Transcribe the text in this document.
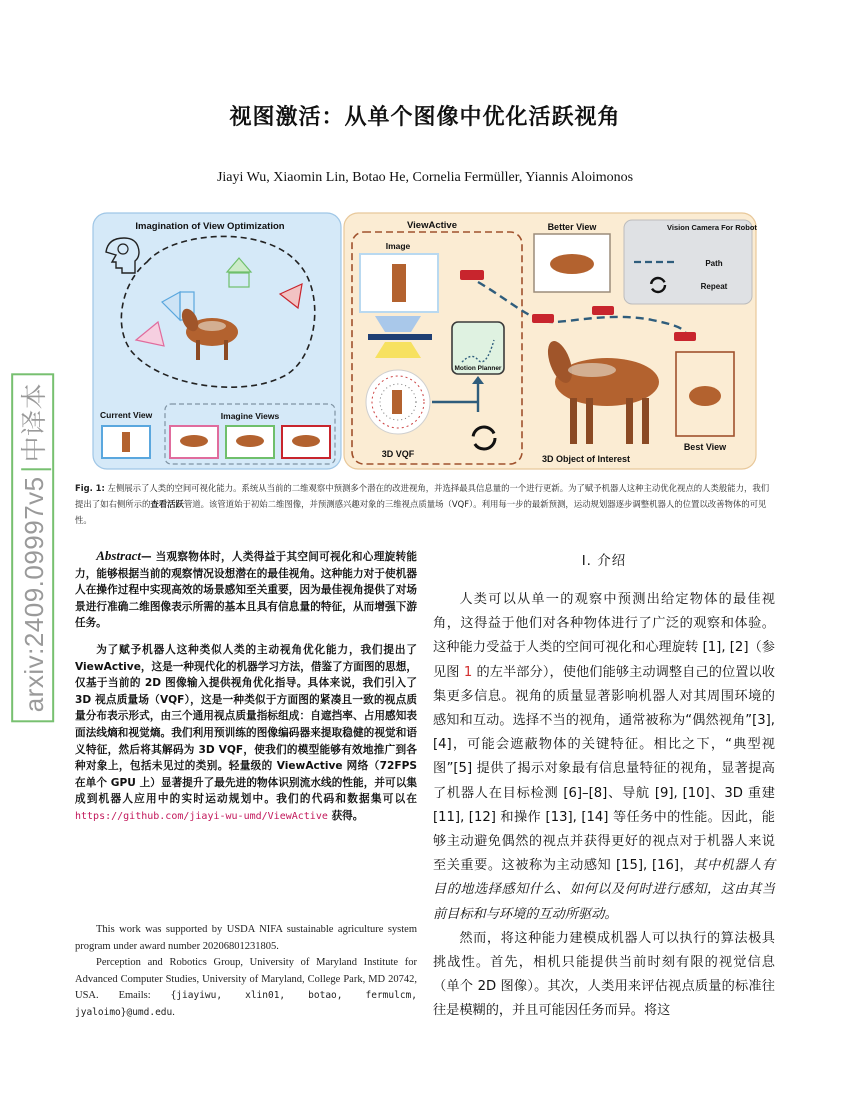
arxiv:2409.09997v5中译本
视图激活：从单个图像中优化活跃视角
Jiayi Wu, Xiaomin Lin, Botao He, Cornelia Fermüller, Yiannis Aloimonos
Imagination of View Optimization
Current View	Imagine Views
ViewActive
Image
3D VQF
Motion Planner
Better View	Vision Camera For Robot
Path
Repeat
3D Object of Interest
Best View
Fig. 1: 左侧展示了人类的空间可视化能力。系统从当前的二维观察中预测多个潜在的改进视角，并选择最具信息量的一个进行更新。为了赋予机器人这种主动优化视点的人类般能力，我们提出了如右侧所示的查看活跃管道。该管道始于初始二维图像，并预测感兴趣对象的三维视点质量场（VQF）。利用每一步的最新预测，运动规划器逐步调整机器人的位置以改善物体的可见性。

Abstract— 当观察物体时，人类得益于其空间可视化和心理旋转能力，能够根据当前的观察情况设想潜在的最佳视角。这种能力对于使机器人在操作过程中实现高效的场景感知至关重要，因为最佳视角提供了对场景进行准确二维图像表示所需的基本且具有信息量的特征，从而增强下游任务。

为了赋予机器人这种类似人类的主动视角优化能力，我们提出了 ViewActive，这是一种现代化的机器学习方法，借鉴了方面图的思想，仅基于当前的 2D 图像输入提供视角优化指导。具体来说，我们引入了 3D 视点质量场（VQF），这是一种类似于方面图的紧凑且一致的视点质量分布表示形式，由三个通用视点质量指标组成：自遮挡率、占用感知表面法线熵和视觉熵。我们利用预训练的图像编码器来提取稳健的视觉和语义特征，然后将其解码为 3D VQF，使我们的模型能够有效地推广到各种对象上，包括未见过的类别。轻量级的 ViewActive 网络（72FPS 在单个 GPU 上）显著提升了最先进的物体识别流水线的性能，并可以集成到机器人应用中的实时运动规划中。我们的代码和数据集可以在 https://github.com/jiayi-wu-umd/ViewActive 获得。

This work was supported by USDA NIFA sustainable agriculture system program under award number 20206801231805.

Perception and Robotics Group, University of Maryland Institute for Advanced Computer Studies, University of Maryland, College Park, MD 20742, USA. Emails: {jiayiwu, xlin01, botao, fermulcm, jyaloimo}@umd.edu.

I. 介绍

人类可以从单一的观察中预测出给定物体的最佳视角，这得益于他们对各种物体进行了广泛的观察和体验。这种能力受益于人类的空间可视化和心理旋转 [1], [2]（参见图 1 的左半部分），使他们能够主动调整自己的位置以收集更多信息。视角的质量显著影响机器人对其周围环境的感知和互动。选择不当的视角，通常被称为“偶然视角”[3], [4]，可能会遮蔽物体的关键特征。相比之下，“典型视图”[5] 提供了揭示对象最有信息量特征的视角，显著提高了机器人在目标检测 [6]–[8]、导航 [9], [10]、3D 重建 [11], [12] 和操作 [13], [14] 等任务中的性能。因此，能够主动避免偶然的视点并获得更好的视点对于机器人来说至关重要。这被称为主动感知 [15], [16]，其中机器人有目的地选择感知什么、如何以及何时进行感知，这由其当前目标和与环境的互动所驱动。

然而，将这种能力建模成机器人可以执行的算法极具挑战性。首先，相机只能提供当前时刻有限的视觉信息（单个 2D 图像）。其次，人类用来评估视点质量的标准往往是模糊的，并且可能因任务而异。将这
